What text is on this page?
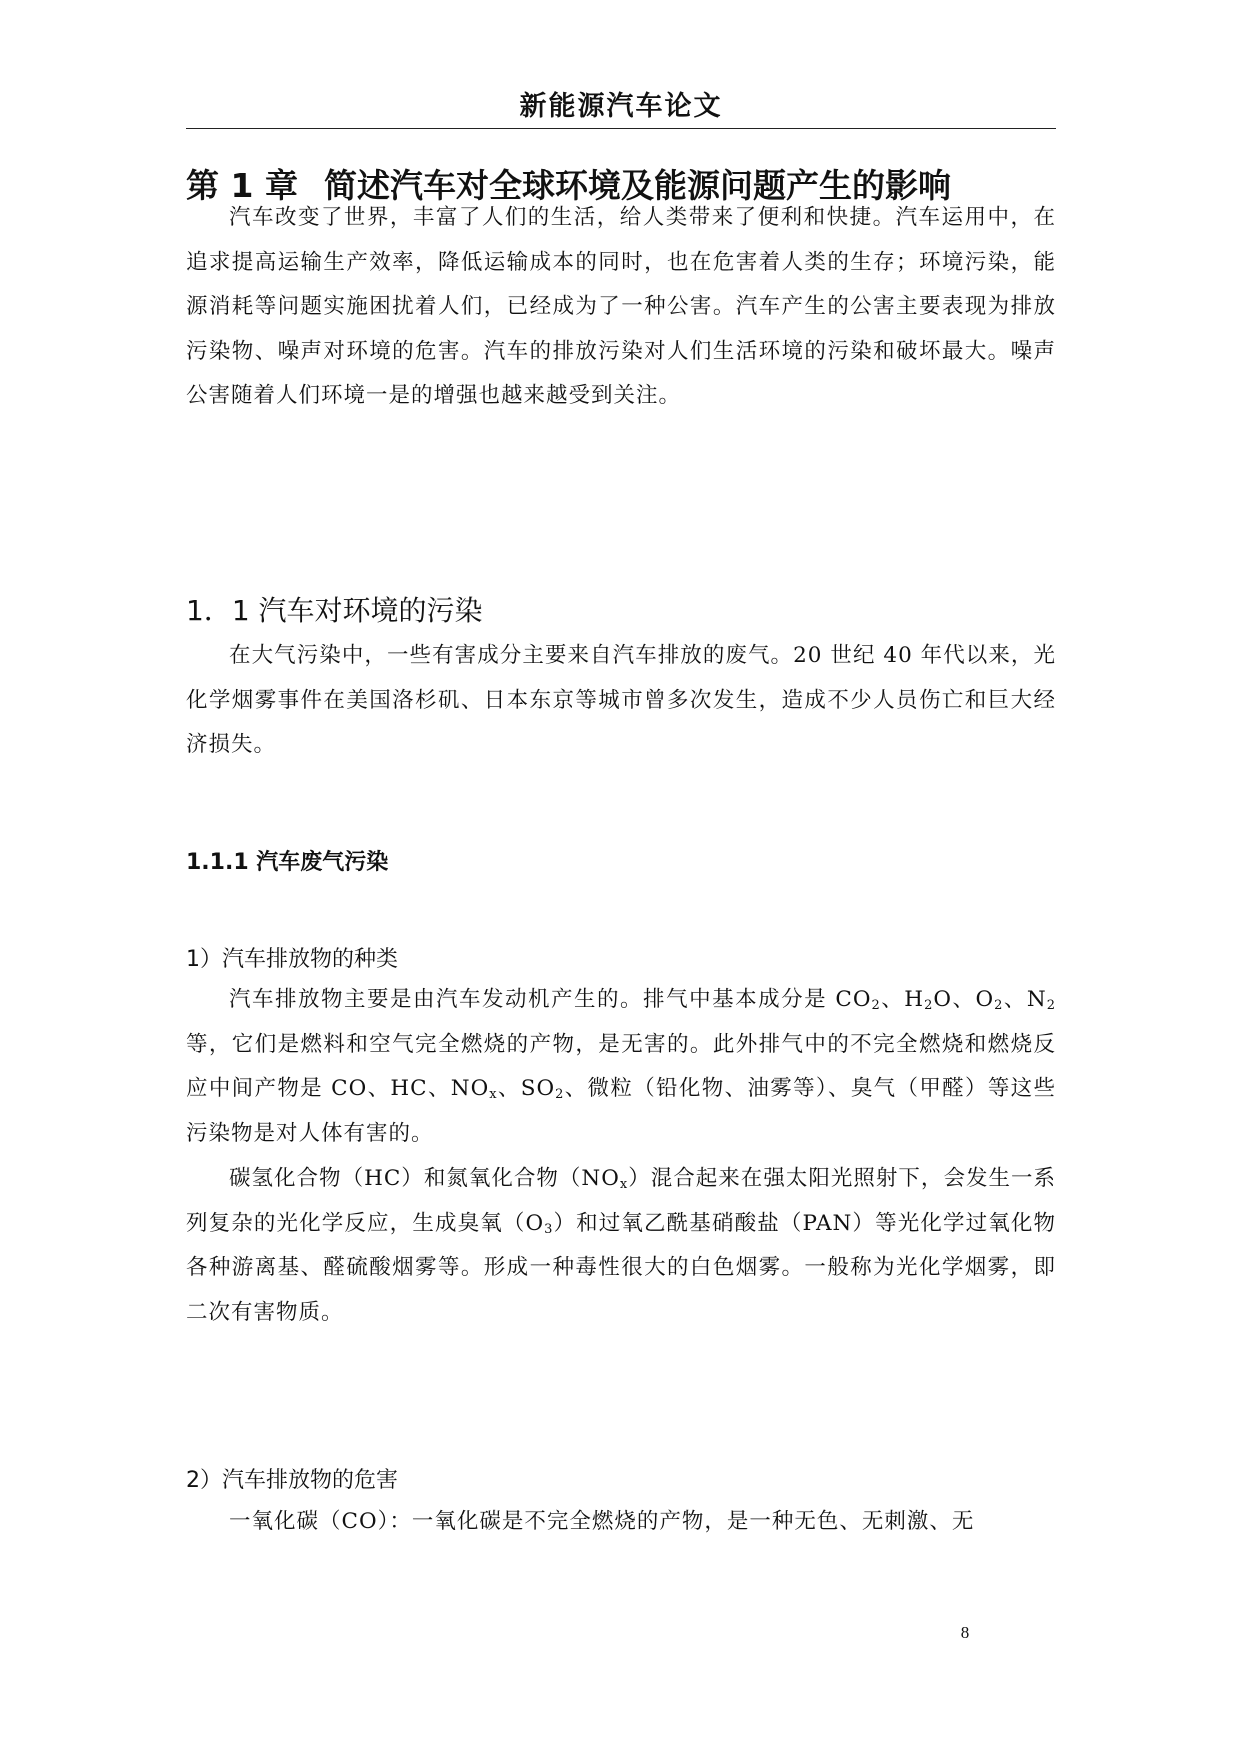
新能源汽车论文
第 1 章 简述汽车对全球环境及能源问题产生的影响

汽车改变了世界，丰富了人们的生活，给人类带来了便利和快捷。汽车运用中，在追求提高运输生产效率，降低运输成本的同时，也在危害着人类的生存；环境污染，能源消耗等问题实施困扰着人们，已经成为了一种公害。汽车产生的公害主要表现为排放污染物、噪声对环境的危害。汽车的排放污染对人们生活环境的污染和破坏最大。噪声公害随着人们环境一是的增强也越来越受到关注。

1．1 汽车对环境的污染

在大气污染中，一些有害成分主要来自汽车排放的废气。20 世纪 40 年代以来，光化学烟雾事件在美国洛杉矶、日本东京等城市曾多次发生，造成不少人员伤亡和巨大经济损失。

1.1.1 汽车废气污染
1）汽车排放物的种类

汽车排放物主要是由汽车发动机产生的。排气中基本成分是 $CO_2$、$H_2O$、$O_2$、$N_2$等，它们是燃料和空气完全燃烧的产物，是无害的。此外排气中的不完全燃烧和燃烧反应中间产物是 CO、HC、$NO_x$、$SO_2$、微粒（铅化物、油雾等）、臭气（甲醛）等这些污染物是对人体有害的。

碳氢化合物（HC）和氮氧化合物$(NO_x)$混合起来在强太阳光照射下，会发生一系列复杂的光化学反应，生成臭氧$(O_3)$和过氧乙酰基硝酸盐（PAN）等光化学过氧化物各种游离基、醛硫酸烟雾等。形成一种毒性很大的白色烟雾。一般称为光化学烟雾，即二次有害物质。

2）汽车排放物的危害

一氧化碳（CO）：一氧化碳是不完全燃烧的产物，是一种无色、无刺激、无

8
